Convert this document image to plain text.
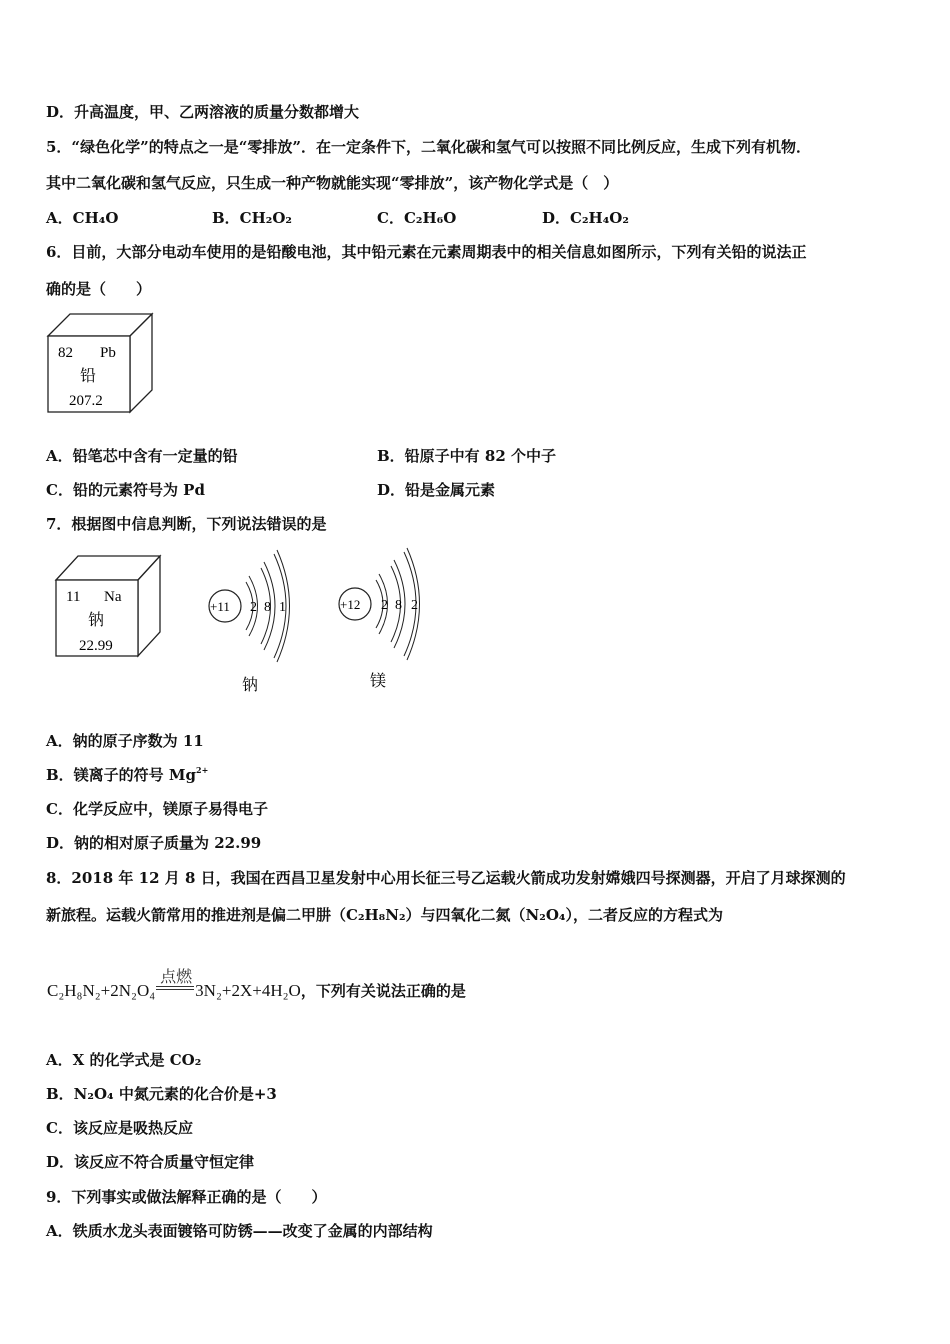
D．升高温度，甲、乙两溶液的质量分数都增大
5．“绿色化学”的特点之一是“零排放”．在一定条件下，二氧化碳和氢气可以按照不同比例反应，生成下列有机物．
其中二氧化碳和氢气反应，只生成一种产物就能实现“零排放”，该产物化学式是（　）
A．CH₄O	B．CH₂O₂	C．C₂H₆O	D．C₂H₄O₂
6．目前，大部分电动车使用的是铅酸电池，其中铅元素在元素周期表中的相关信息如图所示，下列有关铅的说法正
确的是（　　）
82 Pb
铅
207.2
A．铅笔芯中含有一定量的铅	B．铅原子中有 82 个中子
C．铅的元素符号为 Pd	D．铅是金属元素
7．根据图中信息判断，下列说法错误的是
11 Na
钠
22.99
+11 2 8 1
钠
+12 2 8 2
镁
A．钠的原子序数为 11
B．镁离子的符号 $Mg^{2+}$
C．化学反应中，镁原子易得电子
D．钠的相对原子质量为 22.99
8．2018 年 12 月 8 日，我国在西昌卫星发射中心用长征三号乙运载火箭成功发射嫦娥四号探测器，开启了月球探测的
新旅程。运载火箭常用的推进剂是偏二甲肼（C₂H₈N₂）与四氧化二氮（N₂O₄），二者反应的方程式为
C₂H₈N₂+2N₂O₄
点燃
3N₂+2X+4H₂O，下列有关说法正确的是
A．X 的化学式是 CO₂
B．N₂O₄ 中氮元素的化合价是+3
C．该反应是吸热反应
D．该反应不符合质量守恒定律
9．下列事实或做法解释正确的是（　　）
A．铁质水龙头表面镀铬可防锈——改变了金属的内部结构
